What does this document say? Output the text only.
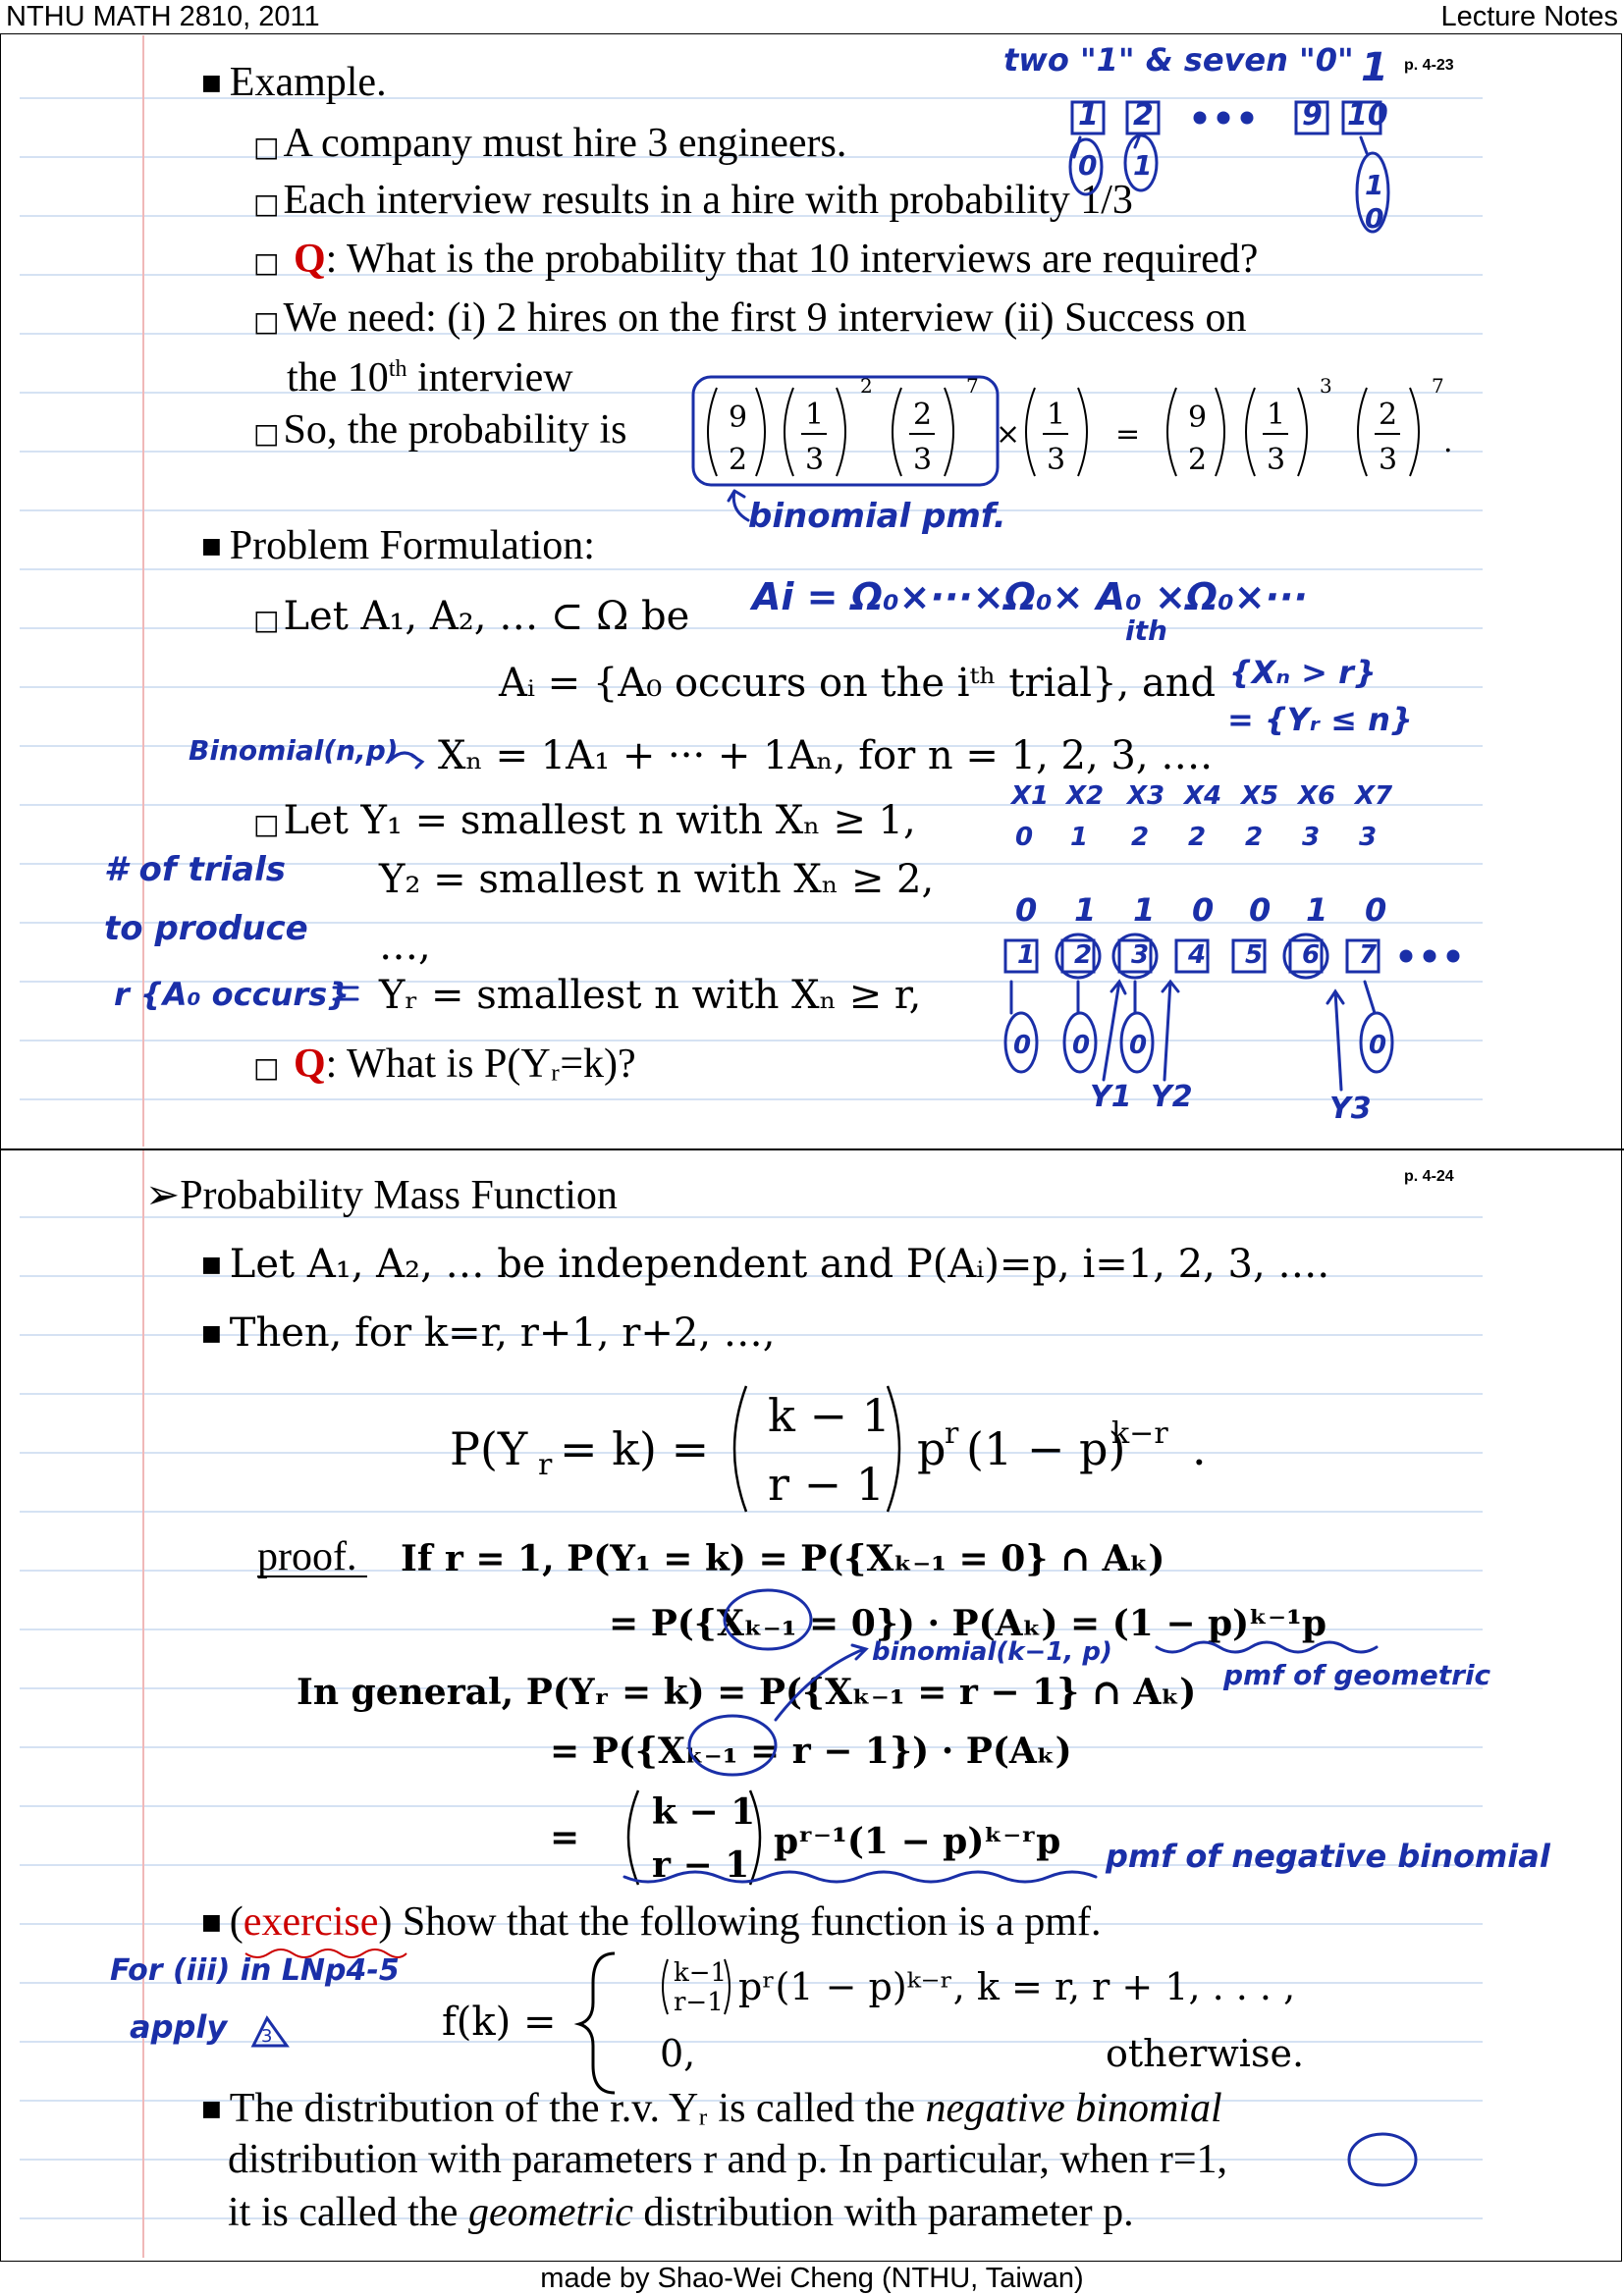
NTHU MATH 2810, 2011	Lecture Notes
made by Shao-Wei Cheng (NTHU, Taiwan)
p. 4-23
■ Example.
□A company must hire 3 engineers.
□Each interview results in a hire with probability 1/3
□ Q: What is the probability that 10 interviews are required?
□We need: (i) 2 hires on the first 9 interview (ii) Success on
the 10th interview
□So, the probability is	9
2
1
3
2
2
3
7
×
1
3
= 9
2
1
3
3
2
3
7
.
■ Problem Formulation:
□ Let A₁, A₂, … ⊂ Ω be
Aᵢ = {A₀ occurs on the iᵗʰ trial}, and
Xₙ = 1A₁ + ··· + 1Aₙ, for n = 1, 2, 3, ….
□ Let Y₁ = smallest n with Xₙ ≥ 1,
Y₂ = smallest n with Xₙ ≥ 2,
…,
Yᵣ = smallest n with Xₙ ≥ r,
□ Q: What is P(Yᵣ=k)?
p. 4-24
➢Probability Mass Function
■ Let A₁, A₂, … be independent and P(Aᵢ)=p, i=1, 2, 3, ….
■ Then, for k=r, r+1, r+2, …,
P(Y r = k) =
k − 1
r − 1
p
r (1 − p)
k−r .
proof. If r = 1, P(Y₁ = k) = P({Xₖ₋₁ = 0} ∩ Aₖ)
= P({Xₖ₋₁ = 0}) · P(Aₖ) = (1 − p)ᵏ⁻¹p
In general, P(Yᵣ = k) = P({Xₖ₋₁ = r − 1} ∩ Aₖ)
= P({Xₖ₋₁ = r − 1}) · P(Aₖ)
=
k − 1
r − 1
pʳ⁻¹(1 − p)ᵏ⁻ʳp
■ (exercise) Show that the following function is a pmf.
k−1
r−1
f(k) =
pʳ(1 − p)ᵏ⁻ʳ, k = r, r + 1, . . . ,
0,	otherwise.
■ The distribution of the r.v. Yᵣ is called the negative binomial
distribution with parameters r and p. In particular, when r=1,
it is called the geometric distribution with parameter p.
two "1" & seven "0" 1
binomial pmf.
Ai = Ω₀×···×Ω₀× A₀ ×Ω₀×···
ith
{Xₙ > r}
= {Yᵣ ≤ n}
Binomial(n,p)
# of trials
to produce
r {A₀ occurs}
binomial(k−1, p)
pmf of geometric
pmf of negative binomial
For (iii) in LNp4-5
apply
1 2	9 10
0 1
1
0
X1 X2 X3 X4 X5 X6 X7
0 1 2 2 2 3 3
0 1 1 0 0 1 0
1 2 3 4 5 6 7
0 0 0	0
Y1 Y2	Y3
3
